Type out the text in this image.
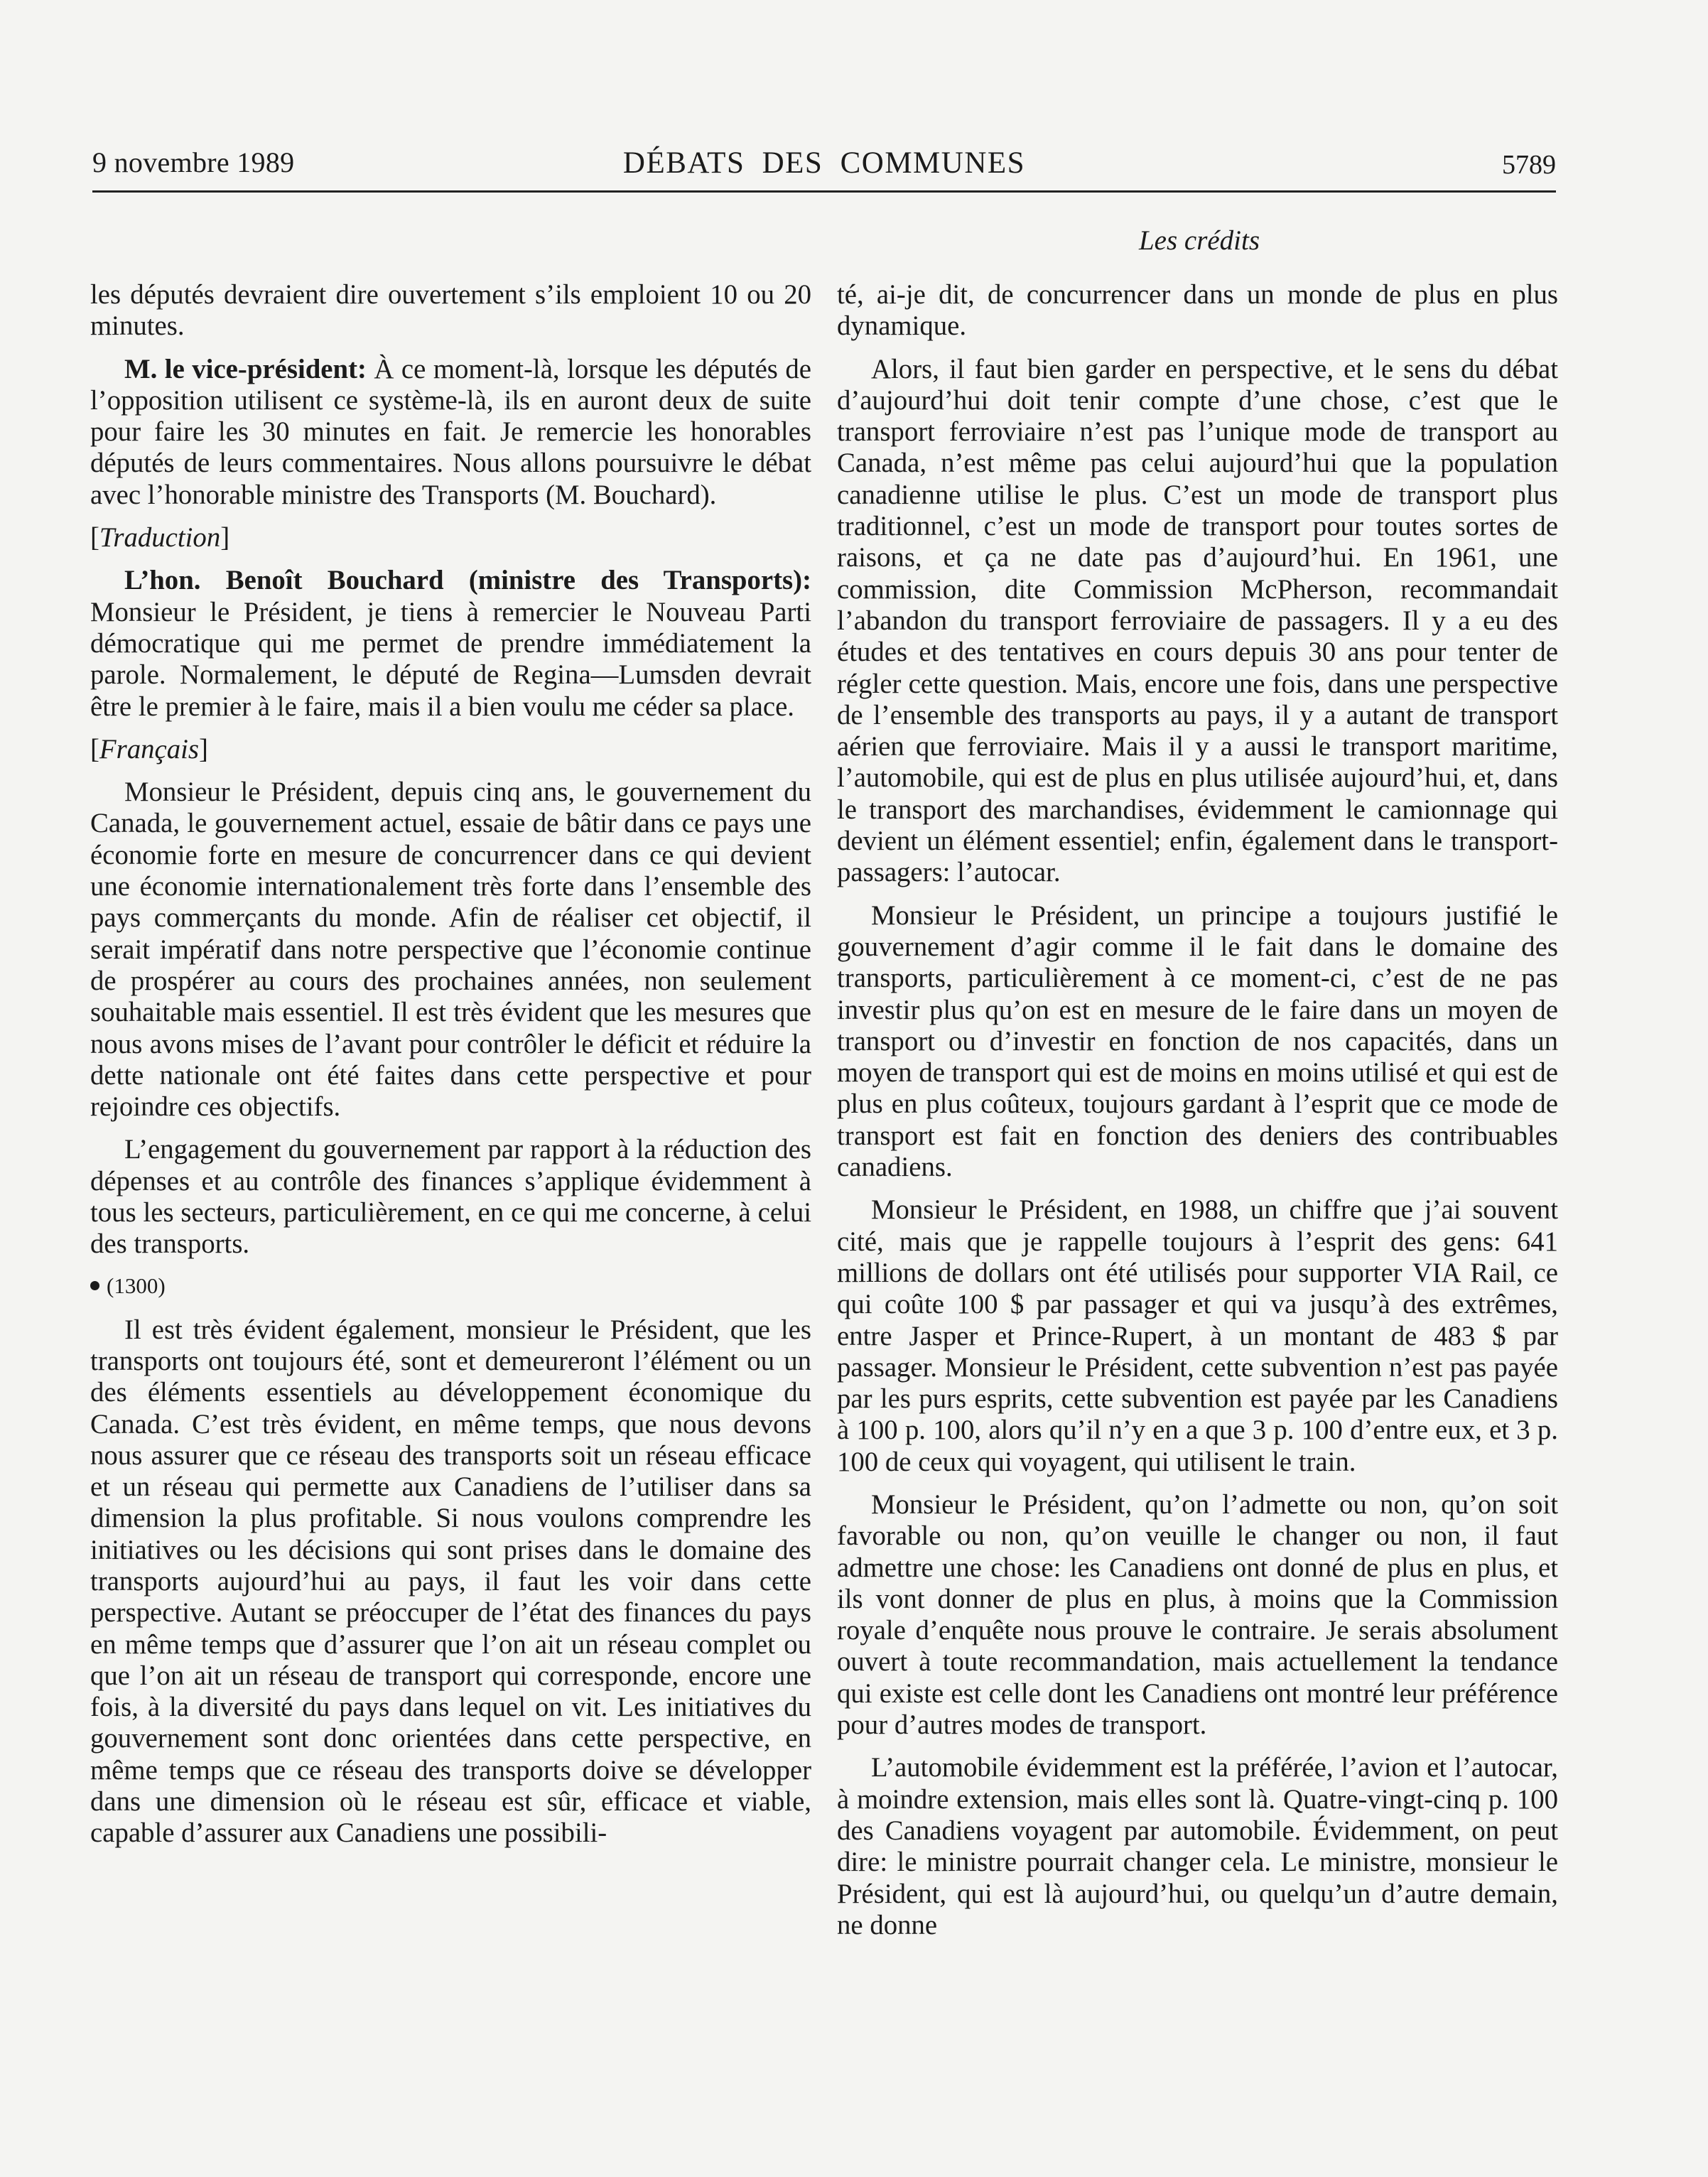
9 novembre 1989	DÉBATS DES COMMUNES	5789
Les crédits

les députés devraient dire ouvertement s’ils emploient 10 ou 20 minutes.

M. le vice-président: À ce moment-là, lorsque les députés de l’opposition utilisent ce système-là, ils en auront deux de suite pour faire les 30 minutes en fait. Je remercie les honorables députés de leurs commentaires. Nous allons poursuivre le débat avec l’honorable ministre des Transports (M. Bouchard).

[Traduction]

L’hon. Benoît Bouchard (ministre des Transports): Monsieur le Président, je tiens à remercier le Nouveau Parti démocratique qui me permet de prendre immédiatement la parole. Normalement, le député de Regina—Lumsden devrait être le premier à le faire, mais il a bien voulu me céder sa place.

[Français]

Monsieur le Président, depuis cinq ans, le gouvernement du Canada, le gouvernement actuel, essaie de bâtir dans ce pays une économie forte en mesure de concurrencer dans ce qui devient une économie internationalement très forte dans l’ensemble des pays commerçants du monde. Afin de réaliser cet objectif, il serait impératif dans notre perspective que l’économie continue de prospérer au cours des prochaines années, non seulement souhaitable mais essentiel. Il est très évident que les mesures que nous avons mises de l’avant pour contrôler le déficit et réduire la dette nationale ont été faites dans cette perspective et pour rejoindre ces objectifs.

L’engagement du gouvernement par rapport à la réduction des dépenses et au contrôle des finances s’applique évidemment à tous les secteurs, particulièrement, en ce qui me concerne, à celui des transports.

(1300)

Il est très évident également, monsieur le Président, que les transports ont toujours été, sont et demeureront l’élément ou un des éléments essentiels au développement économique du Canada. C’est très évident, en même temps, que nous devons nous assurer que ce réseau des transports soit un réseau efficace et un réseau qui permette aux Canadiens de l’utiliser dans sa dimension la plus profitable. Si nous voulons comprendre les initiatives ou les décisions qui sont prises dans le domaine des transports aujourd’hui au pays, il faut les voir dans cette perspective. Autant se préoccuper de l’état des finances du pays en même temps que d’assurer que l’on ait un réseau complet ou que l’on ait un réseau de transport qui corresponde, encore une fois, à la diversité du pays dans lequel on vit. Les initiatives du gouvernement sont donc orientées dans cette perspective, en même temps que ce réseau des transports doive se développer dans une dimension où le réseau est sûr, efficace et viable, capable d’assurer aux Canadiens une possibili-

té, ai-je dit, de concurrencer dans un monde de plus en plus dynamique.

Alors, il faut bien garder en perspective, et le sens du débat d’aujourd’hui doit tenir compte d’une chose, c’est que le transport ferroviaire n’est pas l’unique mode de transport au Canada, n’est même pas celui aujourd’hui que la population canadienne utilise le plus. C’est un mode de transport plus traditionnel, c’est un mode de transport pour toutes sortes de raisons, et ça ne date pas d’aujourd’hui. En 1961, une commission, dite Commission McPherson, recommandait l’abandon du transport ferroviaire de passagers. Il y a eu des études et des tentatives en cours depuis 30 ans pour tenter de régler cette question. Mais, encore une fois, dans une perspective de l’ensemble des transports au pays, il y a autant de transport aérien que ferroviaire. Mais il y a aussi le transport maritime, l’automobile, qui est de plus en plus utilisée aujourd’hui, et, dans le transport des marchandises, évidemment le camionnage qui devient un élément essentiel; enfin, également dans le transport-passagers: l’autocar.

Monsieur le Président, un principe a toujours justifié le gouvernement d’agir comme il le fait dans le domaine des transports, particulièrement à ce moment-ci, c’est de ne pas investir plus qu’on est en mesure de le faire dans un moyen de transport ou d’investir en fonction de nos capacités, dans un moyen de transport qui est de moins en moins utilisé et qui est de plus en plus coûteux, toujours gardant à l’esprit que ce mode de transport est fait en fonction des deniers des contribuables canadiens.

Monsieur le Président, en 1988, un chiffre que j’ai souvent cité, mais que je rappelle toujours à l’esprit des gens: 641 millions de dollars ont été utilisés pour supporter VIA Rail, ce qui coûte 100 $ par passager et qui va jusqu’à des extrêmes, entre Jasper et Prince-Rupert, à un montant de 483 $ par passager. Monsieur le Président, cette subvention n’est pas payée par les purs esprits, cette subvention est payée par les Canadiens à 100 p. 100, alors qu’il n’y en a que 3 p. 100 d’entre eux, et 3 p. 100 de ceux qui voyagent, qui utilisent le train.

Monsieur le Président, qu’on l’admette ou non, qu’on soit favorable ou non, qu’on veuille le changer ou non, il faut admettre une chose: les Canadiens ont donné de plus en plus, et ils vont donner de plus en plus, à moins que la Commission royale d’enquête nous prouve le contraire. Je serais absolument ouvert à toute recommandation, mais actuellement la tendance qui existe est celle dont les Canadiens ont montré leur préférence pour d’autres modes de transport.

L’automobile évidemment est la préférée, l’avion et l’autocar, à moindre extension, mais elles sont là. Quatre-vingt-cinq p. 100 des Canadiens voyagent par automobile. Évidemment, on peut dire: le ministre pourrait changer cela. Le ministre, monsieur le Président, qui est là aujourd’hui, ou quelqu’un d’autre demain, ne donne
